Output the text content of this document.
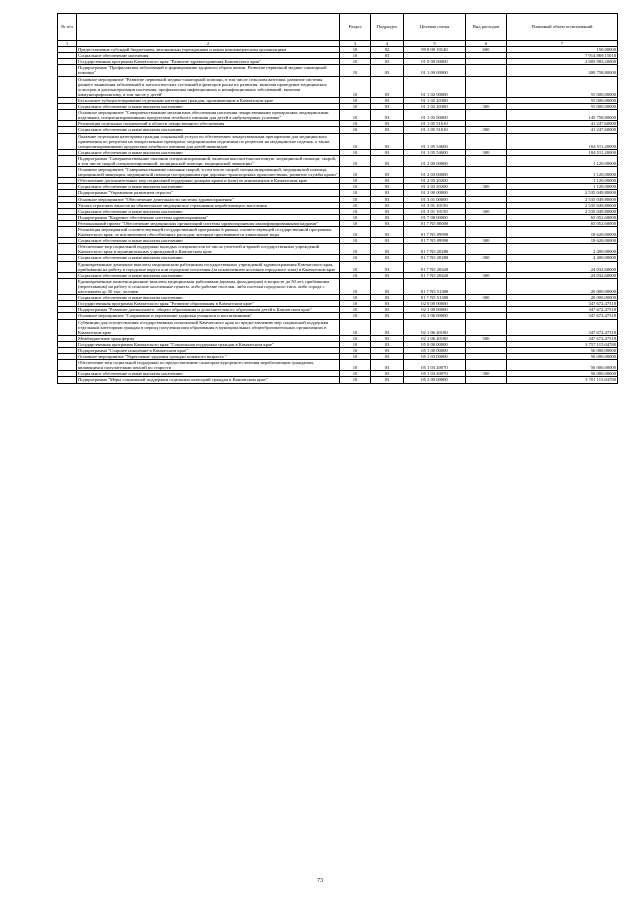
№ п/п		Раздел	Подраздел	Целевая статья	Вид расходов	Плановый объем ассигнований
1	2	3	4	5	6	7
	Предоставление субсидий бюджетным, автономным учреждениям и иным некоммерческим организациям	10	02	99 0 00 10140	600	150,00000
	Социальное обеспечение населения	10	03			7 914 869,15018
	Государственная программа Камчатского края "Развитие здравоохранения Камчатского края"	10	03	01 0 00 00000		2 805 983,20000
	Подпрограмма "Профилактика заболеваний и формирование здорового образа жизни. Развитие первичной медико-санитарной помощи"	10	03	01 1 00 00000		200 758,80000
	Основное мероприятие "Развитие первичной медико-санитарной помощи, в том числе сельским жителям, развитие системы раннего выявления заболеваний и патологических состояний и факторов риска их развития, включая проведение медицинских осмотров и диспансеризации населения, профилактика инфекционных и неинфекционных заболеваний, включая иммунопрофилактику, в том числе у детей"	10	03	01 1 02 00000		55 000,00000
	Бесплатное зубопротезирование отдельным категориям граждан, проживающим в Камчатском крае	10	03	01 1 02 20380		55 000,00000
	Социальное обеспечение и иные выплаты населению	10	03	01 1 02 20380	300	55 000,00000
	Основное мероприятие "Совершенствование механизмов обеспечения населения лекарственными препаратами, медицинскими изделиями, специализированными продуктами лечебного питания для детей в амбулаторных условиях"	10	03	01 1 05 00000		145 758,80000
	Реализация отдельных полномочий в области лекарственного обеспечения	10	03	01 1 05 51610		41 247,60000
	Социальное обеспечение и иные выплаты населению	10	03	01 1 05 51610	300	41 247,60000
	Оказание отдельным категориям граждан социальной услуги по обеспечению лекарственными препаратами для медицинского применения по рецептам на лекарственные препараты, медицинскими изделиями по рецептам на медицинские изделия, а также специализированными продуктами лечебного питания для детей-инвалидов	10	03	01 1 05 54600		104 511,20000
	Социальное обеспечение и иные выплаты населению	10	03	01 1 05 54600	300	104 511,20000
	Подпрограмма "Совершенствование оказания специализированной, включая высокотехнологичную, медицинской помощи, скорой, в том числе скорой специализированной, медицинской помощи, медицинской эвакуации"	10	03	01 2 00 00000		1 120,00000
	Основное мероприятие "Совершенствование оказания скорой, в том числе скорой специализированной, медицинской помощи, медицинской эвакуации, медицинской помощи пострадавшим при дорожно-транспортных происшествиях, развитие службы крови"	10	03	01 2 03 00000		1 120,00000
	Обеспечение дополнительных мер социальной поддержки донорам крови и (или) ее компонентов в Камчатском крае	10	03	01 2 03 20200		1 120,00000
	Социальное обеспечение и иные выплаты населению	10	03	01 2 03 20200	300	1 120,00000
	Подпрограмма "Управление развитием отрасли"	10	03	01 3 00 00000		2 535 049,80000
	Основное мероприятие "Обеспечение деятельности системы здравоохранения"	10	03	01 3 01 00000		2 535 049,80000
	Уплата страховых взносов на обязательное медицинское страхование неработающего населения	10	03	01 3 01 10150		2 535 049,80000
	Социальное обеспечение и иные выплаты населению	10	03	01 3 01 10150	300	2 535 049,80000
	Подпрограмма "Кадровое обеспечение системы здравоохранения"	10	03	01 7 00 00000		65 052,60000
	Региональный проект "Обеспечение медицинских организаций системы здравоохранения квалифицированными кадрами"	10	03	01 7 N5 00000		65 052,60000
	Реализация мероприятий соответствующей государственной программы в рамках соответствующей государственной программы Камчатского края, за исключением обособленных расходов, которым присваиваются уникальные коды	10	03	01 7 N5 09990		18 620,00000
	Социальное обеспечение и иные выплаты населению	10	03	01 7 N5 09990	300	18 620,00000
	Обеспечение мер социальной поддержки молодых специалистов из числа учителей и врачей государственных учреждений Камчатского края и муниципальных учреждений в Камчатском крае	10	03	01 7 N5 20280		2 400,00000
	Социальное обеспечение и иные выплаты населению	10	03	01 7 N5 20280	300	2 400,00000
	Единовременные денежные выплаты медицинским работникам государственных учреждений здравоохранения Камчатского края, прибывшим на работу в городские округа или городские поселения (за исключением поселков городского типа) в Камчатском крае	10	03	01 7 N5 20420		24 032,60000
	Социальное обеспечение и иные выплаты населению	10	03	01 7 N5 20420	300	24 032,60000
	Единовременные компенсационные выплаты медицинским работникам (врачам, фельдшерам) в возрасте до 50 лет, прибывшим (переехавшим) на работу в сельские населенные пункты, либо рабочие поселки, либо поселки городского типа, либо города с населением до 50 тыс. человек	10	03	01 7 N5 51380		20 000,00000
	Социальное обеспечение и иные выплаты населению	10	03	01 7 N5 51380	300	20 000,00000
	Государственная программа Камчатского края "Развитие образования в Камчатском крае"	10	03	02 0 00 00000		347 672,47518
	Подпрограмма "Развитие дошкольного, общего образования и дополнительного образования детей в Камчатском крае"	10	03	02 1 00 00000		347 672,47518
	Основное мероприятие "Сохранение и укрепление здоровья учащихся и воспитанников"	10	03	02 1 06 00000		347 672,47518
	Субвенции для осуществления государственных полномочий Камчатского края по предоставлению мер социальной поддержки отдельным категориям граждан в период получения ими образования в муниципальных общеобразовательных организациях в Камчатском крае	10	03	02 1 06 40180		347 672,47518
	Межбюджетные трансферты	10	03	02 1 06 40180	500	347 672,47518
	Государственная программа Камчатского края "Социальная поддержка граждан в Камчатском крае"	10	03	05 0 00 00000		3 757 115,04780
	Подпрограмма "Старшее поколение в Камчатском крае"	10	03	05 1 00 00000		56 000,00000
	Основное мероприятие "Укрепление здоровья граждан пожилого возраста "	10	03	05 1 03 00000		56 000,00000
	Обеспечение мер социальной поддержки по предоставлению санаторно-курортного лечения неработающим гражданам, являющимся получателями пенсий по старости	10	03	05 1 03 20070		56 000,00000
	Социальное обеспечение и иные выплаты населению	10	03	05 1 03 20070	300	56 000,00000
	Подпрограмма "Меры социальной поддержки отдельных категорий граждан в Камчатском крае"	10	03	05 2 00 00000		3 701 115,04780
73
